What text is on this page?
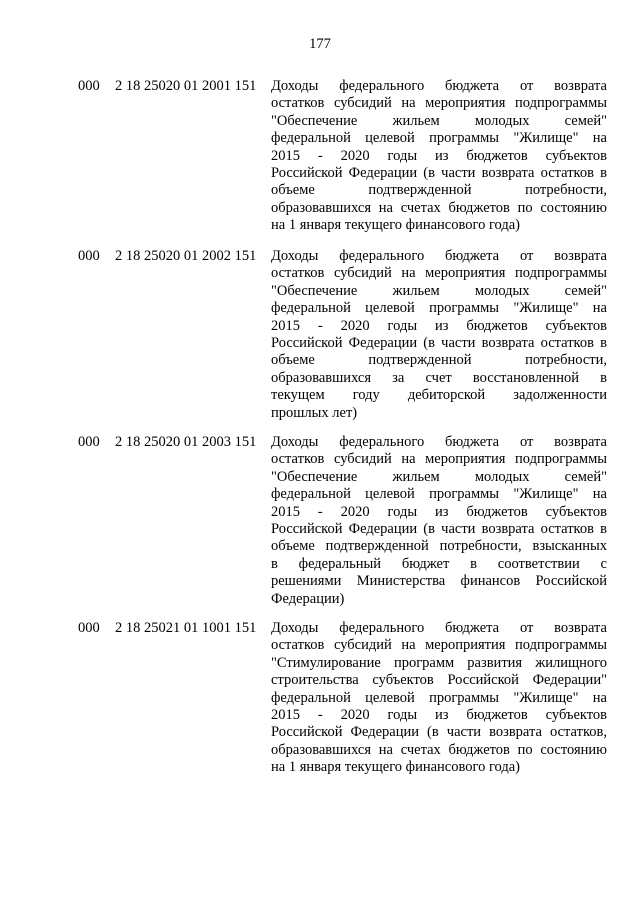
177
000 2 18 25020 01 2001 151 Доходы федерального бюджета от возврата
остатков субсидий на мероприятия подпрограммы
"Обеспечение жильем молодых семей"
федеральной целевой программы "Жилище" на
2015 - 2020 годы из бюджетов субъектов
Российской Федерации (в части возврата остатков в
объеме подтвержденной потребности,
образовавшихся на счетах бюджетов по состоянию
на 1 января текущего финансового года)
000 2 18 25020 01 2002 151 Доходы федерального бюджета от возврата
остатков субсидий на мероприятия подпрограммы
"Обеспечение жильем молодых семей"
федеральной целевой программы "Жилище" на
2015 - 2020 годы из бюджетов субъектов
Российской Федерации (в части возврата остатков в
объеме подтвержденной потребности,
образовавшихся за счет восстановленной в
текущем году дебиторской задолженности
прошлых лет)
000 2 18 25020 01 2003 151 Доходы федерального бюджета от возврата
остатков субсидий на мероприятия подпрограммы
"Обеспечение жильем молодых семей"
федеральной целевой программы "Жилище" на
2015 - 2020 годы из бюджетов субъектов
Российской Федерации (в части возврата остатков в
объеме подтвержденной потребности, взысканных
в федеральный бюджет в соответствии с
решениями Министерства финансов Российской
Федерации)
000 2 18 25021 01 1001 151 Доходы федерального бюджета от возврата
остатков субсидий на мероприятия подпрограммы
"Стимулирование программ развития жилищного
строительства субъектов Российской Федерации"
федеральной целевой программы "Жилище" на
2015 - 2020 годы из бюджетов субъектов
Российской Федерации (в части возврата остатков,
образовавшихся на счетах бюджетов по состоянию
на 1 января текущего финансового года)
